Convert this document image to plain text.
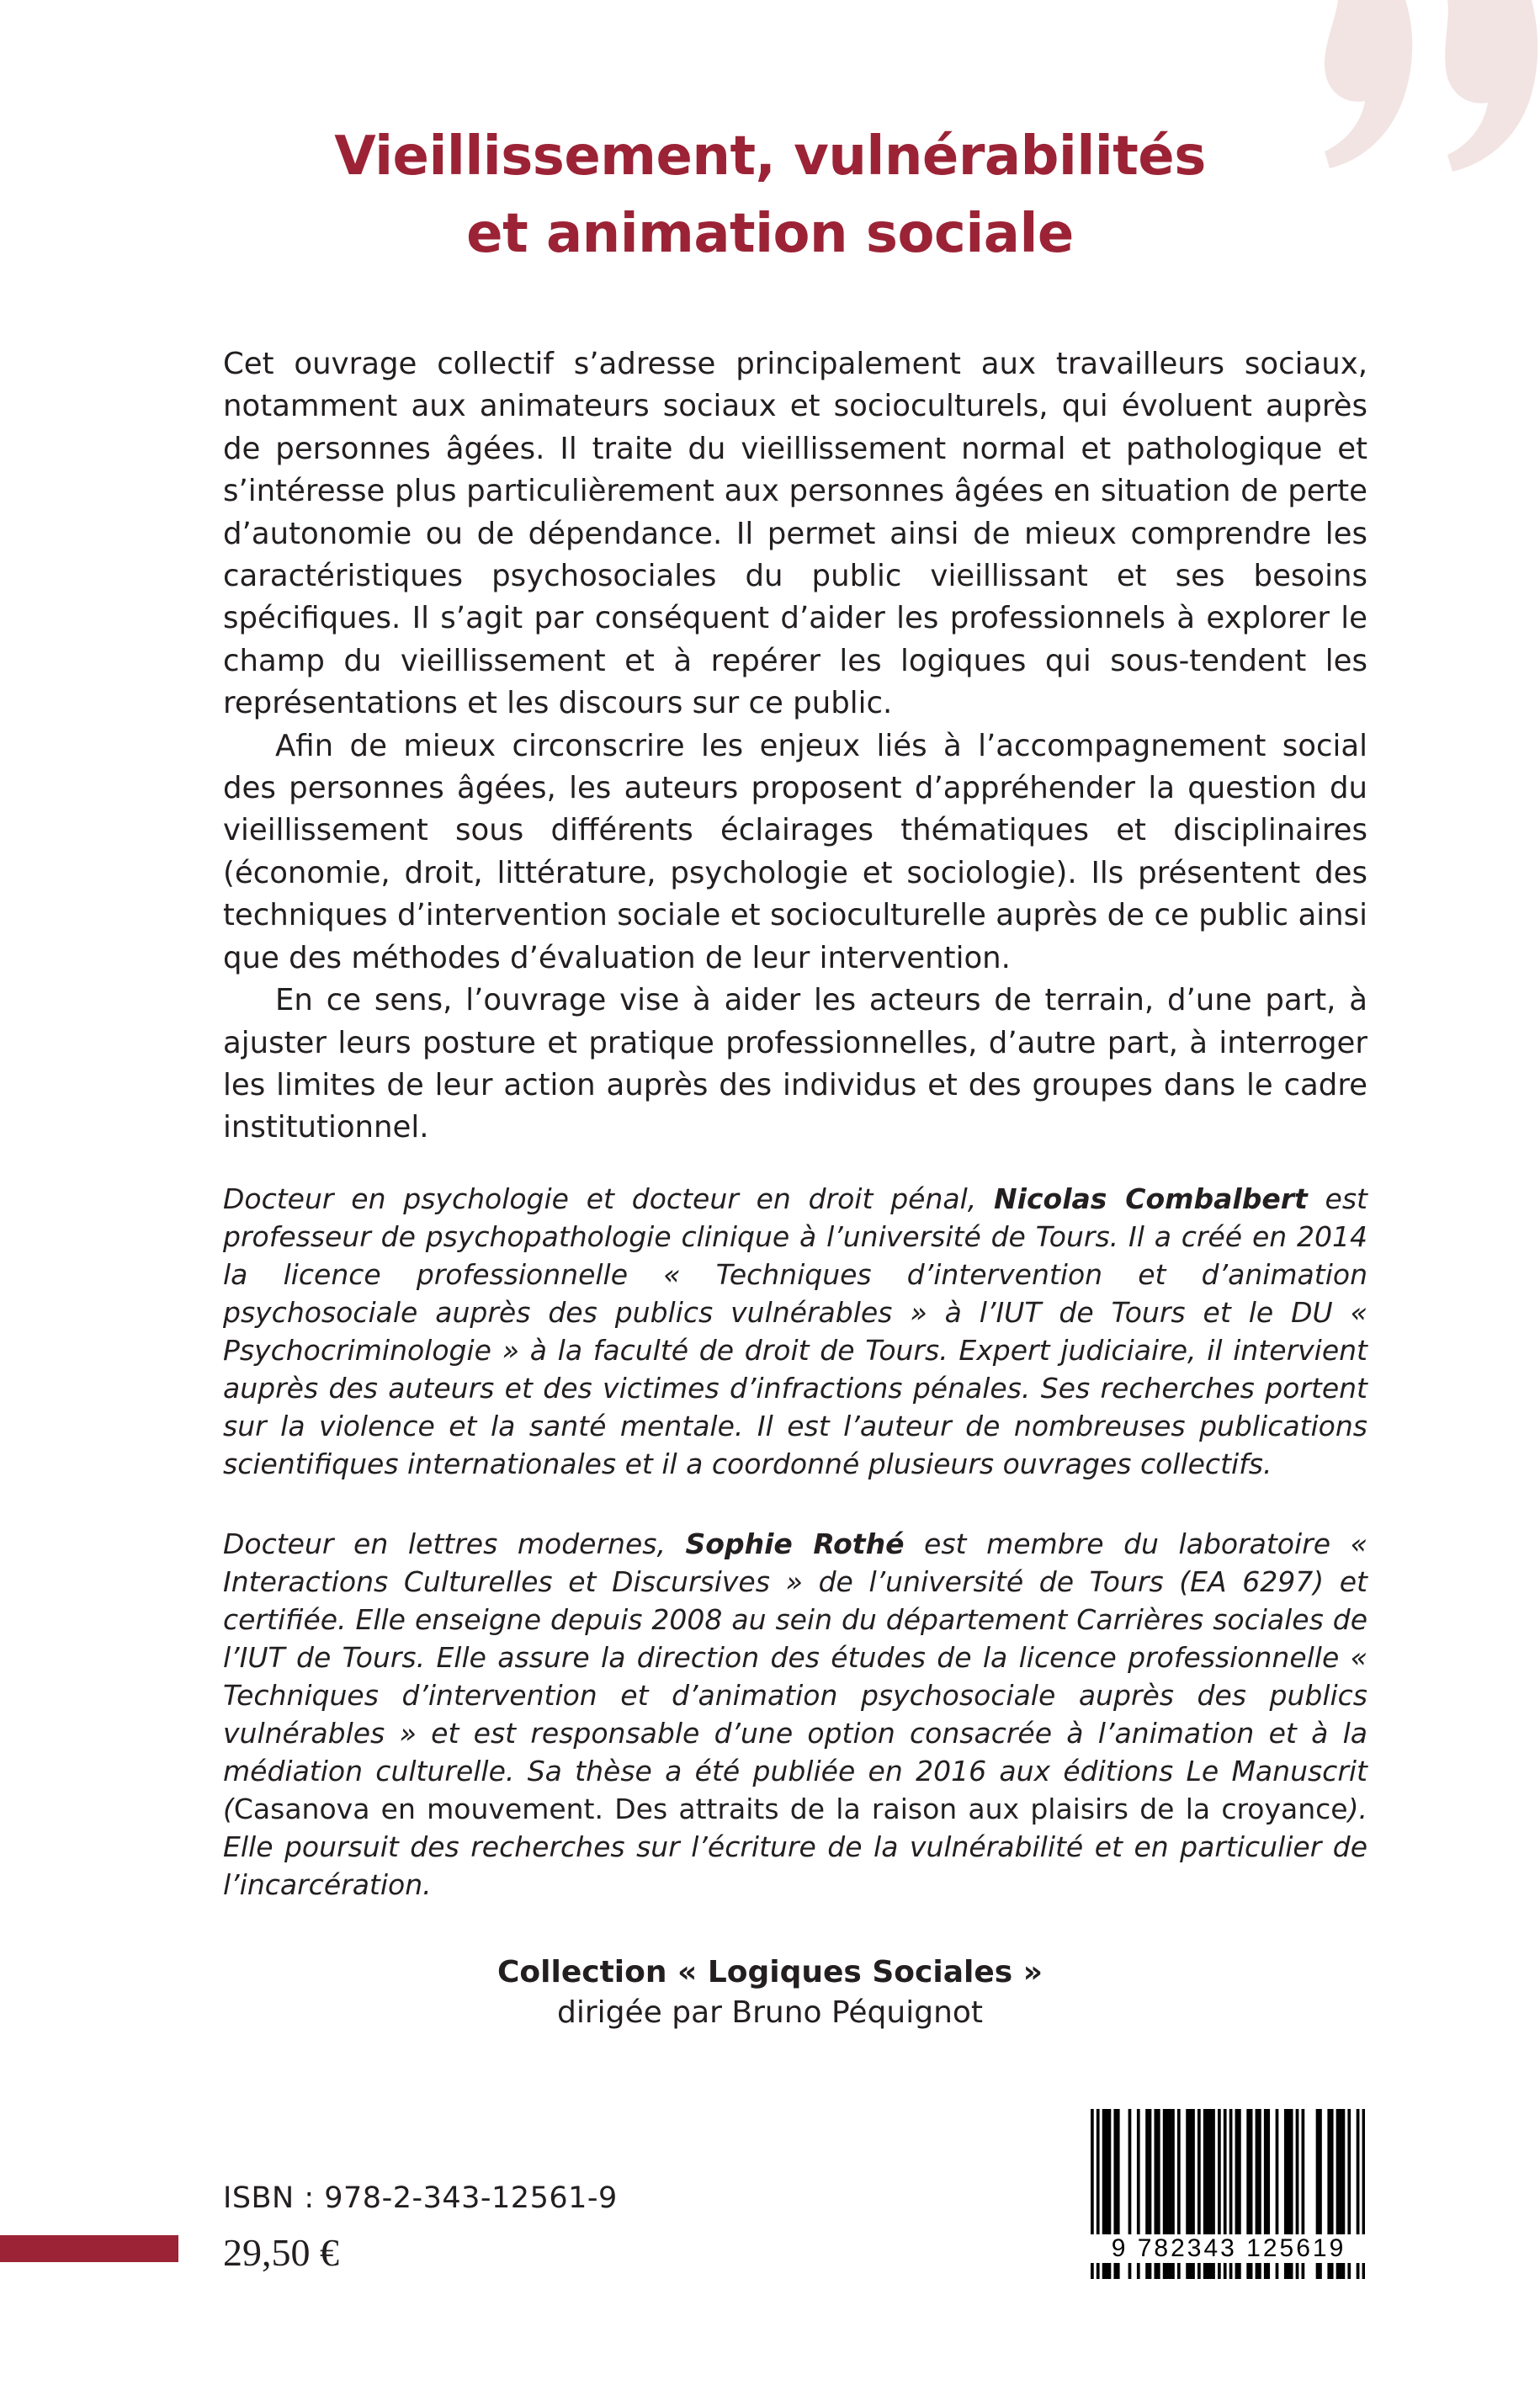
Vieillissement, vulnérabilités
et animation sociale

Cet ouvrage collectif s’adresse principalement aux travailleurs sociaux, notamment aux animateurs sociaux et socioculturels, qui évoluent auprès de personnes âgées. Il traite du vieillissement normal et pathologique et s’intéresse plus particulièrement aux personnes âgées en situation de perte d’autonomie ou de dépendance. Il permet ainsi de mieux comprendre les caractéristiques psychosociales du public vieillissant et ses besoins spécifiques. Il s’agit par conséquent d’aider les professionnels à explorer le champ du vieillissement et à repérer les logiques qui sous-tendent les représentations et les discours sur ce public.

Afin de mieux circonscrire les enjeux liés à l’accompagnement social des personnes âgées, les auteurs proposent d’appréhender la question du vieillissement sous différents éclairages thématiques et disciplinaires (économie, droit, littérature, psychologie et sociologie). Ils présentent des techniques d’intervention sociale et socioculturelle auprès de ce public ainsi que des méthodes d’évaluation de leur intervention.

En ce sens, l’ouvrage vise à aider les acteurs de terrain, d’une part, à ajuster leurs posture et pratique professionnelles, d’autre part, à interroger les limites de leur action auprès des individus et des groupes dans le cadre institutionnel.

Docteur en psychologie et docteur en droit pénal, Nicolas Combalbert est professeur de psychopathologie clinique à l’université de Tours. Il a créé en 2014 la licence professionnelle « Techniques d’intervention et d’animation psychosociale auprès des publics vulnérables » à l’IUT de Tours et le DU « Psychocriminologie » à la faculté de droit de Tours. Expert judiciaire, il intervient auprès des auteurs et des victimes d’infractions pénales. Ses recherches portent sur la violence et la santé mentale. Il est l’auteur de nombreuses publications scientifiques internationales et il a coordonné plusieurs ouvrages collectifs.
Docteur en lettres modernes, Sophie Rothé est membre du laboratoire « Interactions Culturelles et Discursives » de l’université de Tours (EA 6297) et certifiée. Elle enseigne depuis 2008 au sein du département Carrières sociales de l’IUT de Tours. Elle assure la direction des études de la licence professionnelle « Techniques d’intervention et d’animation psychosociale auprès des publics vulnérables » et est responsable d’une option consacrée à l’animation et à la médiation culturelle. Sa thèse a été publiée en 2016 aux éditions Le Manuscrit (Casanova en mouvement. Des attraits de la raison aux plaisirs de la croyance). Elle poursuit des recherches sur l’écriture de la vulnérabilité et en particulier de l’incarcération.
Collection « Logiques Sociales »
dirigée par Bruno Péquignot
ISBN : 978-2-343-12561-9
29,50 €	9 782343 125619
